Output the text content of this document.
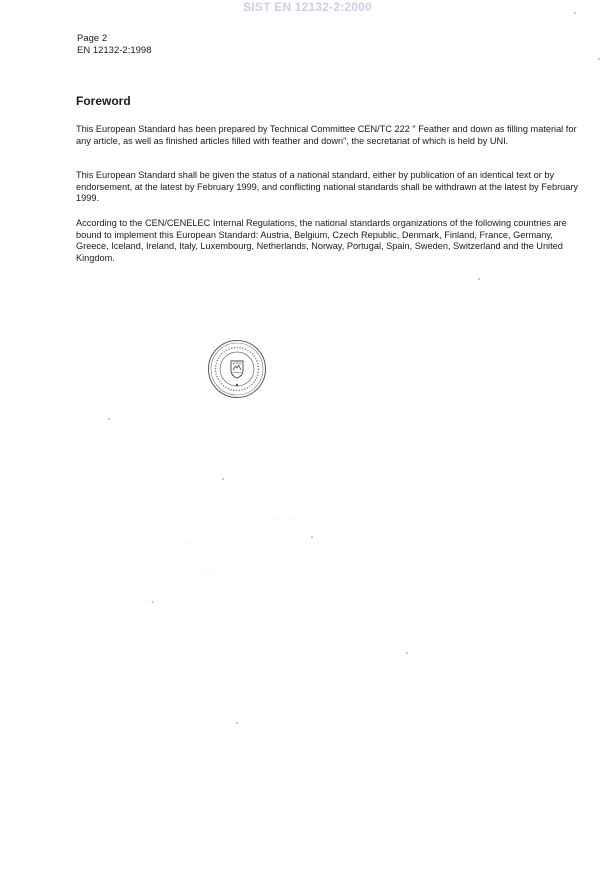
SIST EN 12132-2:2000
Page 2
EN 12132-2:1998
Foreword

This European Standard has been prepared by Technical Committee CEN/TC 222 " Feather and down as filling material for any article, as well as finished articles filled with feather and down", the secretariat of which is held by UNI.

This European Standard shall be given the status of a national standard, either by publication of an identical text or by endorsement, at the latest by February 1999, and conflicting national standards shall be withdrawn at the latest by February 1999.

According to the CEN/CENELEC Internal Regulations, the national standards organizations of the following countries are bound to implement this European Standard: Austria, Belgium, Czech Republic, Denmark, Finland, France, Germany, Greece, Iceland, Ireland, Italy, Luxembourg, Netherlands, Norway, Portugal, Spain, Sweden, Switzerland and the United Kingdom.

· · · . . ·
. · · · .
· . · · ·
· . ·
